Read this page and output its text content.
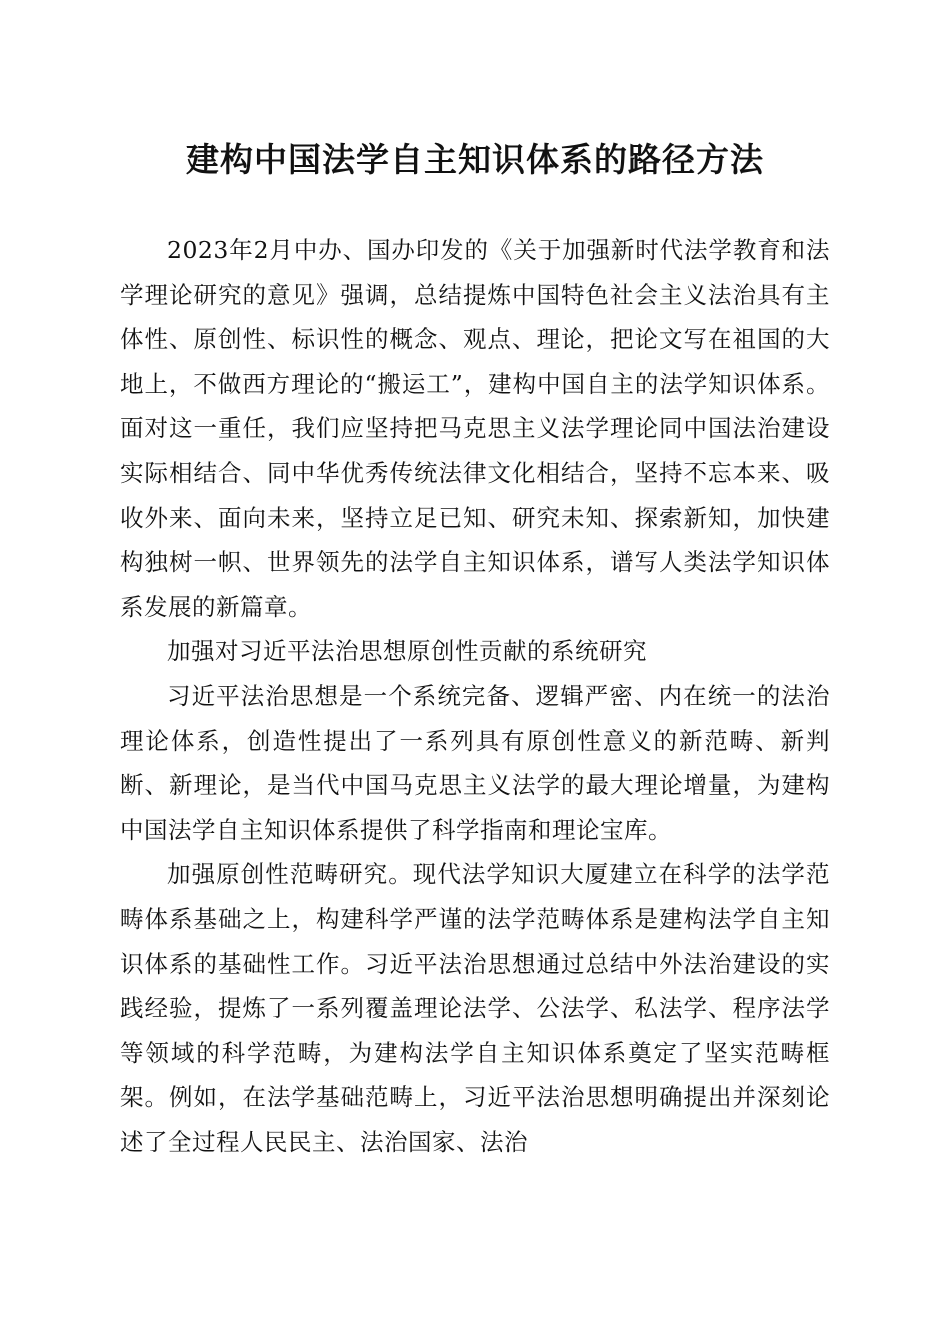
建构中国法学自主知识体系的路径方法

2023年2月中办、国办印发的《关于加强新时代法学教育和法学理论研究的意见》强调，总结提炼中国特色社会主义法治具有主体性、原创性、标识性的概念、观点、理论，把论文写在祖国的大地上，不做西方理论的“搬运工”，建构中国自主的法学知识体系。面对这一重任，我们应坚持把马克思主义法学理论同中国法治建设实际相结合、同中华优秀传统法律文化相结合，坚持不忘本来、吸收外来、面向未来，坚持立足已知、研究未知、探索新知，加快建构独树一帜、世界领先的法学自主知识体系，谱写人类法学知识体系发展的新篇章。

加强对习近平法治思想原创性贡献的系统研究

习近平法治思想是一个系统完备、逻辑严密、内在统一的法治理论体系，创造性提出了一系列具有原创性意义的新范畴、新判断、新理论，是当代中国马克思主义法学的最大理论增量，为建构中国法学自主知识体系提供了科学指南和理论宝库。

加强原创性范畴研究。现代法学知识大厦建立在科学的法学范畴体系基础之上，构建科学严谨的法学范畴体系是建构法学自主知识体系的基础性工作。习近平法治思想通过总结中外法治建设的实践经验，提炼了一系列覆盖理论法学、公法学、私法学、程序法学等领域的科学范畴，为建构法学自主知识体系奠定了坚实范畴框架。例如，在法学基础范畴上，习近平法治思想明确提出并深刻论述了全过程人民民主、法治国家、法治
